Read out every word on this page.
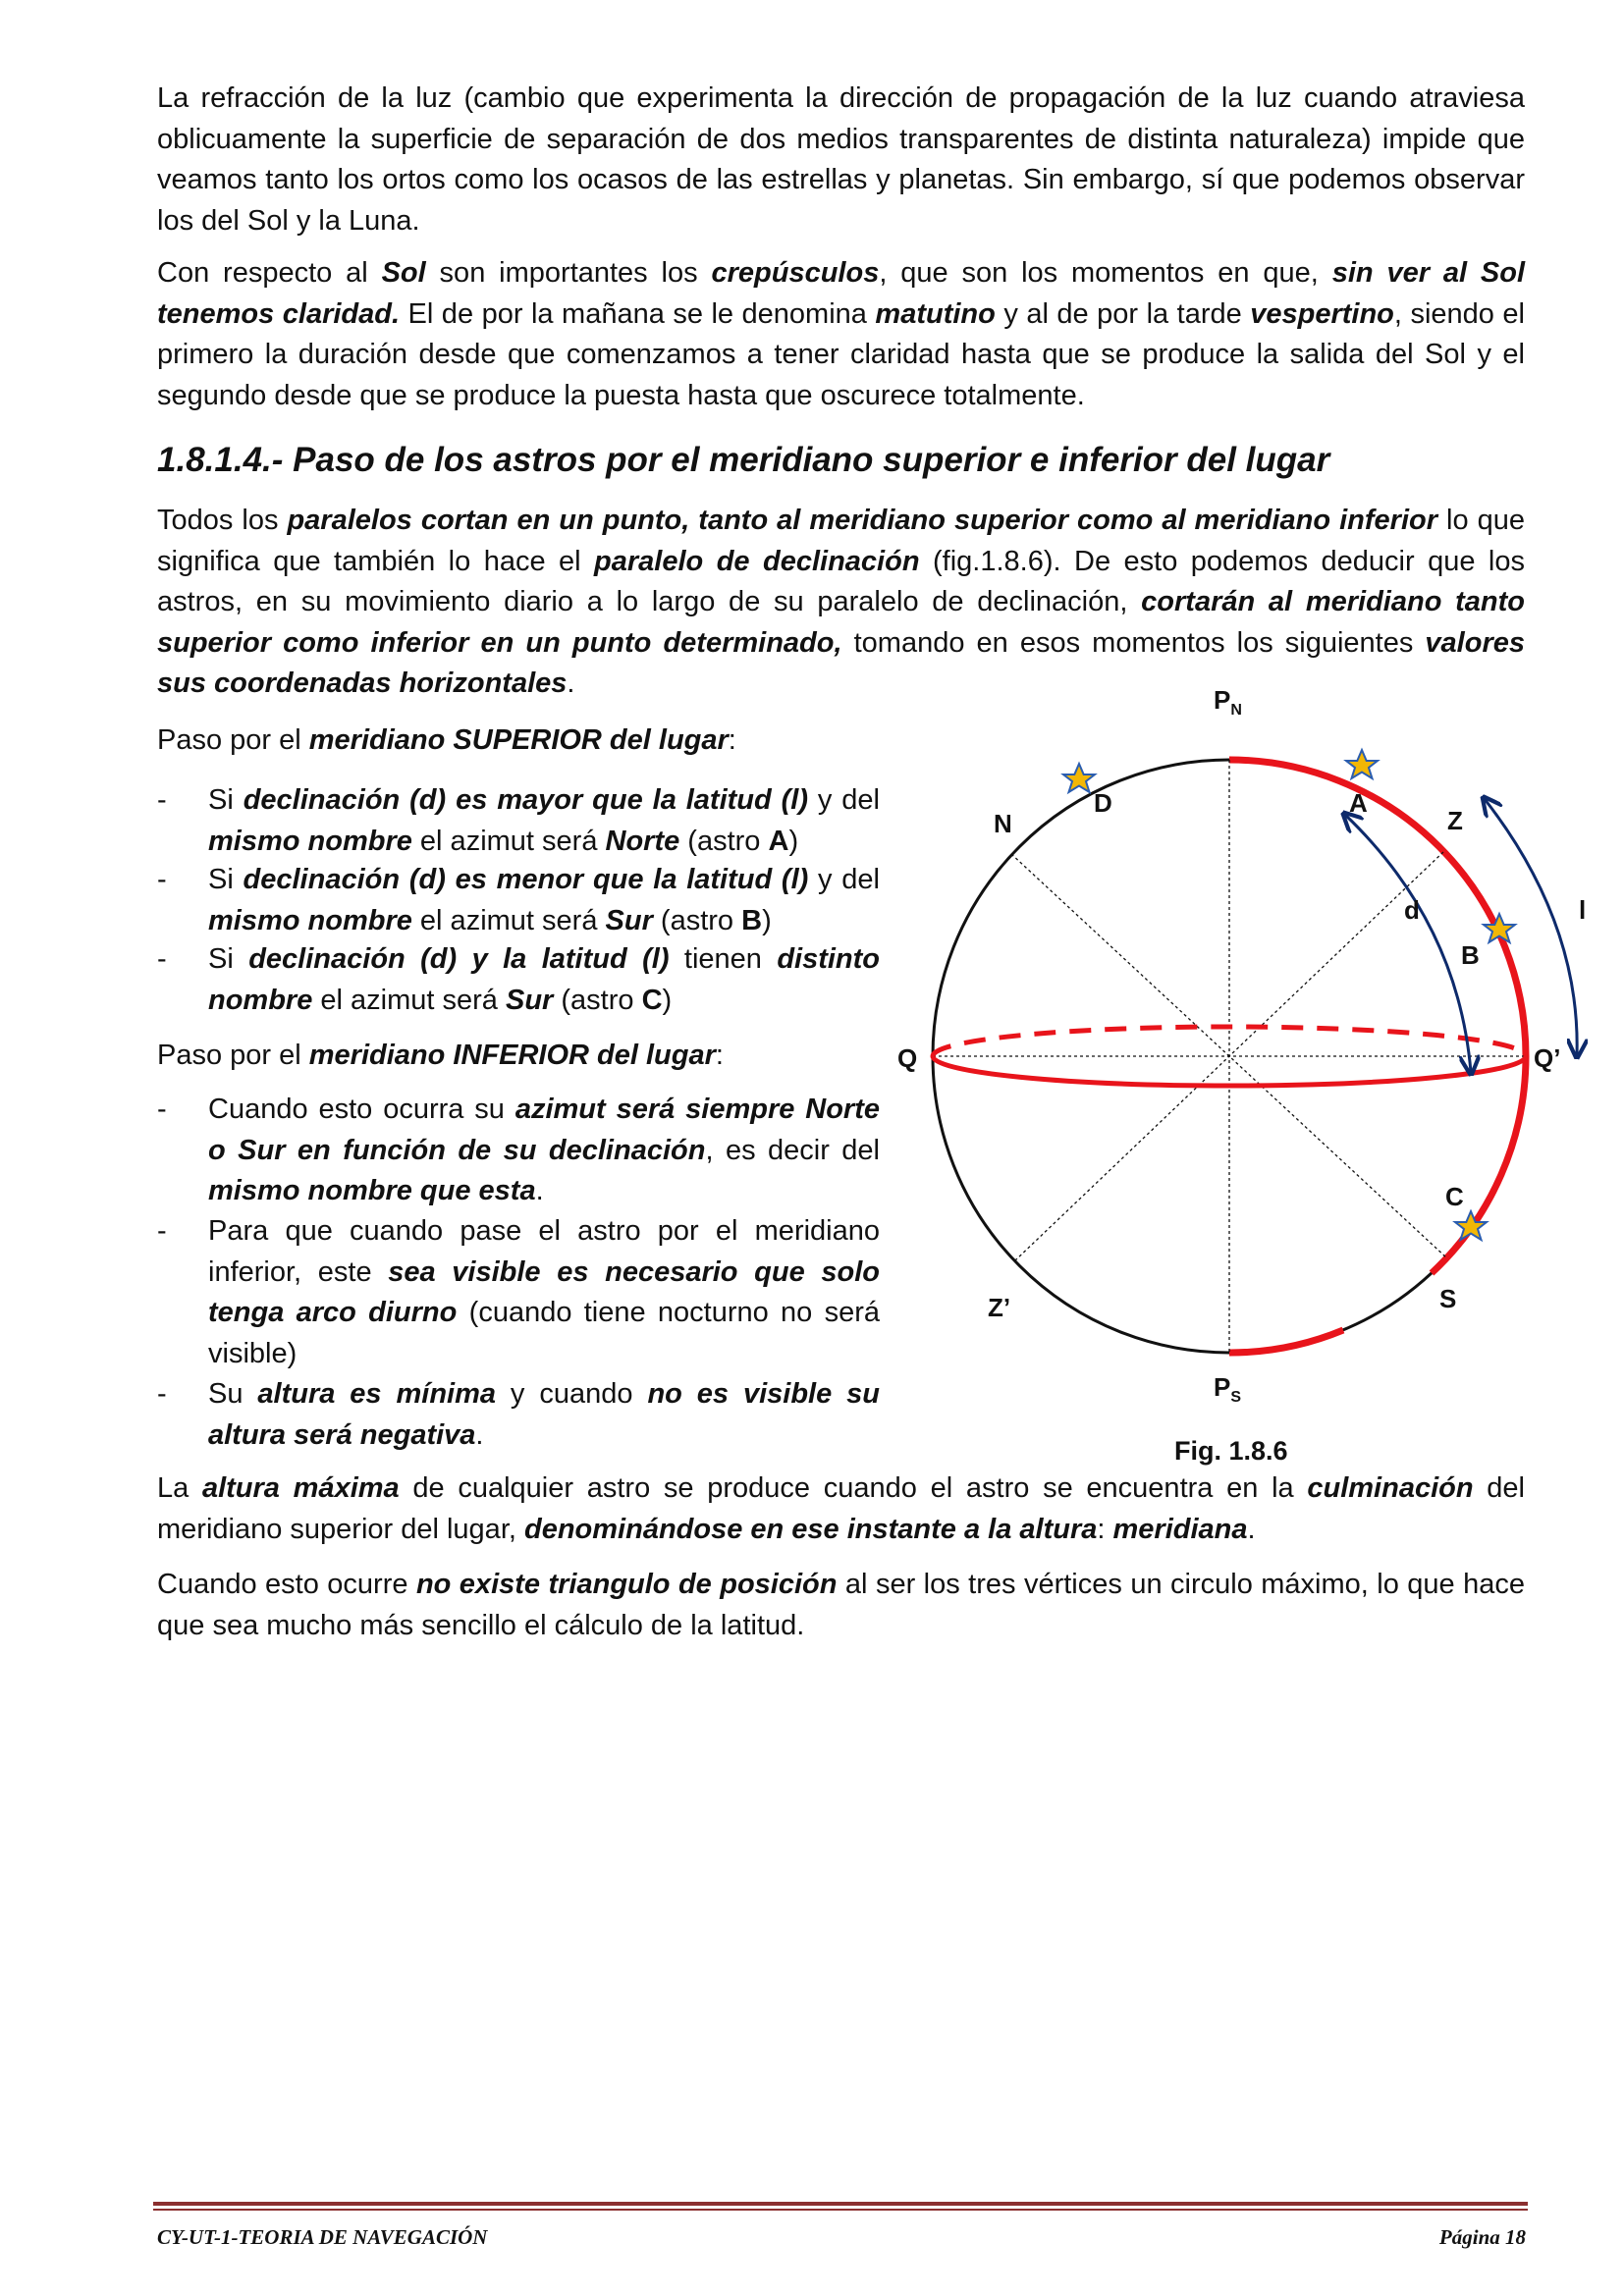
La refracción de la luz (cambio que experimenta la dirección de propagación de la luz cuando atraviesa oblicuamente la superficie de separación de dos medios transparentes de distinta naturaleza) impide que veamos tanto los ortos como los ocasos de las estrellas y planetas. Sin embargo, sí que podemos observar los del Sol y la Luna.

Con respecto al Sol son importantes los crepúsculos, que son los momentos en que, sin ver al Sol tenemos claridad. El de por la mañana se le denomina matutino y al de por la tarde vespertino, siendo el primero la duración desde que comenzamos a tener claridad hasta que se produce la salida del Sol y el segundo desde que se produce la puesta hasta que oscurece totalmente.

1.8.1.4.- Paso de los astros por el meridiano superior e inferior del lugar

Todos los paralelos cortan en un punto, tanto al meridiano superior como al meridiano inferior lo que significa que también lo hace el paralelo de declinación (fig.1.8.6). De esto podemos deducir que los astros, en su movimiento diario a lo largo de su paralelo de declinación, cortarán al meridiano tanto superior como inferior en un punto determinado, tomando en esos momentos los siguientes valores sus coordenadas horizontales.

Paso por el meridiano SUPERIOR del lugar:
- Si declinación (d) es mayor que la latitud (l) y del mismo nombre el azimut será Norte (astro A)
- Si declinación (d) es menor que la latitud (l) y del mismo nombre el azimut será Sur (astro B)
- Si declinación (d) y la latitud (l) tienen distinto nombre el azimut será Sur (astro C)
Paso por el meridiano INFERIOR del lugar:
- Cuando esto ocurra su azimut será siempre Norte o Sur en función de su declinación, es decir del mismo nombre que esta.
- Para que cuando pase el astro por el meridiano inferior, este sea visible es necesario que solo tenga arco diurno (cuando tiene nocturno no será visible)
- Su altura es mínima y cuando no es visible su altura será negativa.
$P_N$
$P_S$
N
D	A
Z
d	l
B
Q	Q’
C
S
Z’
Fig. 1.8.6

La altura máxima de cualquier astro se produce cuando el astro se encuentra en la culminación del meridiano superior del lugar, denominándose en ese instante a la altura: meridiana.

Cuando esto ocurre no existe triangulo de posición al ser los tres vértices un circulo máximo, lo que hace que sea mucho más sencillo el cálculo de la latitud.

CY-UT-1-TEORIA DE NAVEGACIÓN	Página 18
